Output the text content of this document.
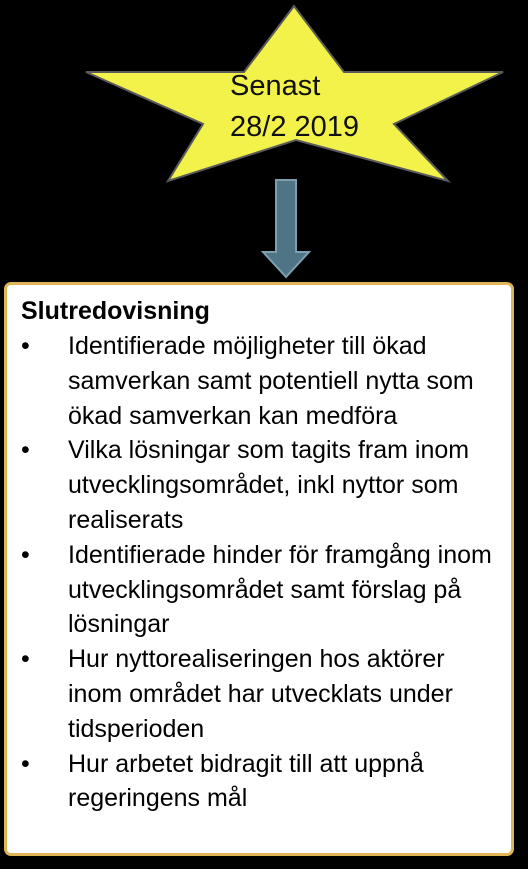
Senast
28/2 2019
Slutredovisning
• Identifierade möjligheter till ökad samverkan samt potentiell nytta som ökad samverkan kan medföra
• Vilka lösningar som tagits fram inom utvecklingsområdet, inkl nyttor som realiserats
• Identifierade hinder för framgång inom utvecklingsområdet samt förslag på lösningar
• Hur nyttorealiseringen hos aktörer inom området har utvecklats under tidsperioden
• Hur arbetet bidragit till att uppnå regeringens mål
